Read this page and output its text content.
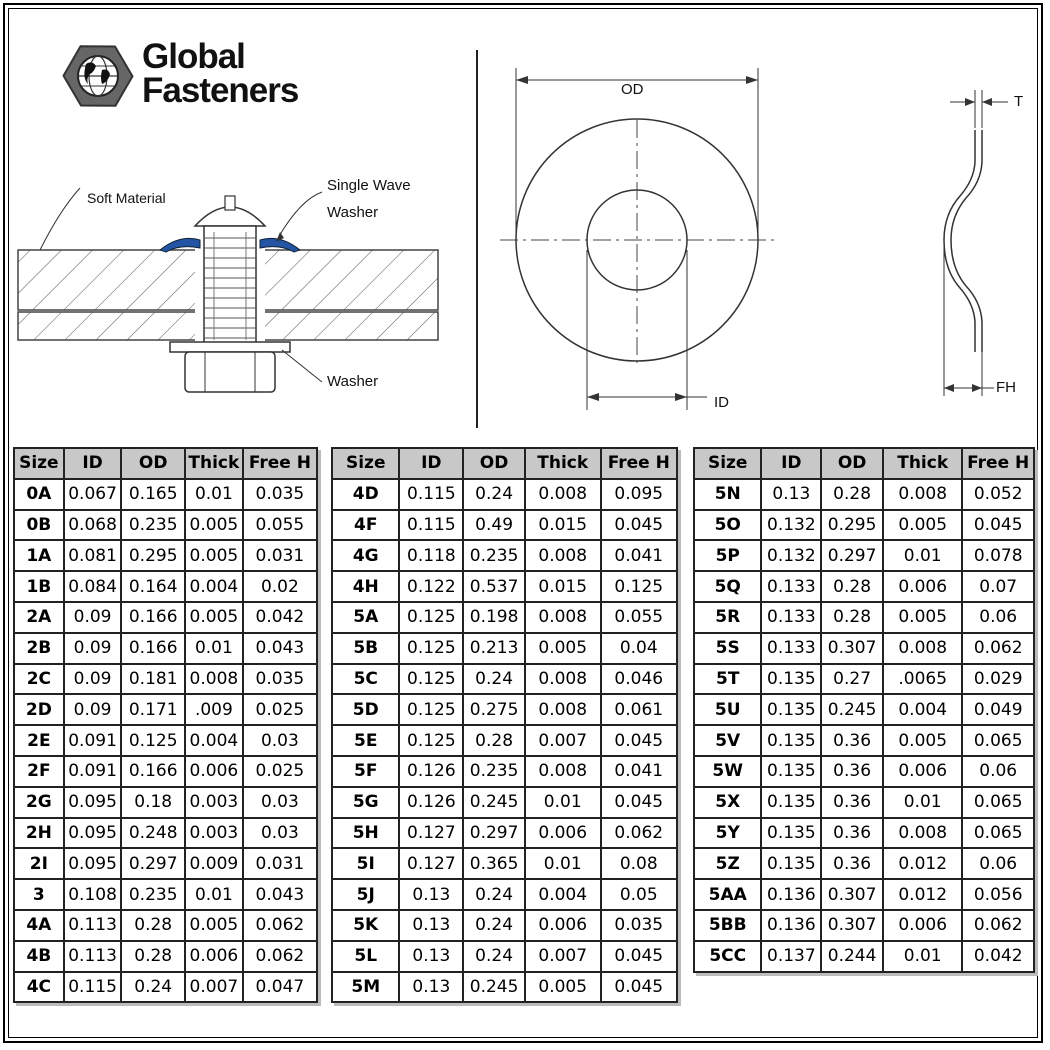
Global
Fasteners
Soft Material
Single Wave
Washer
Washer
OD
ID
T
FH
Size	ID	OD	Thick	Free H
0A	0.067	0.165	0.01	0.035
0B	0.068	0.235	0.005	0.055
1A	0.081	0.295	0.005	0.031
1B	0.084	0.164	0.004	0.02
2A	0.09	0.166	0.005	0.042
2B	0.09	0.166	0.01	0.043
2C	0.09	0.181	0.008	0.035
2D	0.09	0.171	.009	0.025
2E	0.091	0.125	0.004	0.03
2F	0.091	0.166	0.006	0.025
2G	0.095	0.18	0.003	0.03
2H	0.095	0.248	0.003	0.03
2I	0.095	0.297	0.009	0.031
3	0.108	0.235	0.01	0.043
4A	0.113	0.28	0.005	0.062
4B	0.113	0.28	0.006	0.062
4C	0.115	0.24	0.007	0.047
Size	ID	OD	Thick	Free H
4D	0.115	0.24	0.008	0.095
4F	0.115	0.49	0.015	0.045
4G	0.118	0.235	0.008	0.041
4H	0.122	0.537	0.015	0.125
5A	0.125	0.198	0.008	0.055
5B	0.125	0.213	0.005	0.04
5C	0.125	0.24	0.008	0.046
5D	0.125	0.275	0.008	0.061
5E	0.125	0.28	0.007	0.045
5F	0.126	0.235	0.008	0.041
5G	0.126	0.245	0.01	0.045
5H	0.127	0.297	0.006	0.062
5I	0.127	0.365	0.01	0.08
5J	0.13	0.24	0.004	0.05
5K	0.13	0.24	0.006	0.035
5L	0.13	0.24	0.007	0.045
5M	0.13	0.245	0.005	0.045
Size	ID	OD	Thick	Free H
5N	0.13	0.28	0.008	0.052
5O	0.132	0.295	0.005	0.045
5P	0.132	0.297	0.01	0.078
5Q	0.133	0.28	0.006	0.07
5R	0.133	0.28	0.005	0.06
5S	0.133	0.307	0.008	0.062
5T	0.135	0.27	.0065	0.029
5U	0.135	0.245	0.004	0.049
5V	0.135	0.36	0.005	0.065
5W	0.135	0.36	0.006	0.06
5X	0.135	0.36	0.01	0.065
5Y	0.135	0.36	0.008	0.065
5Z	0.135	0.36	0.012	0.06
5AA	0.136	0.307	0.012	0.056
5BB	0.136	0.307	0.006	0.062
5CC	0.137	0.244	0.01	0.042
